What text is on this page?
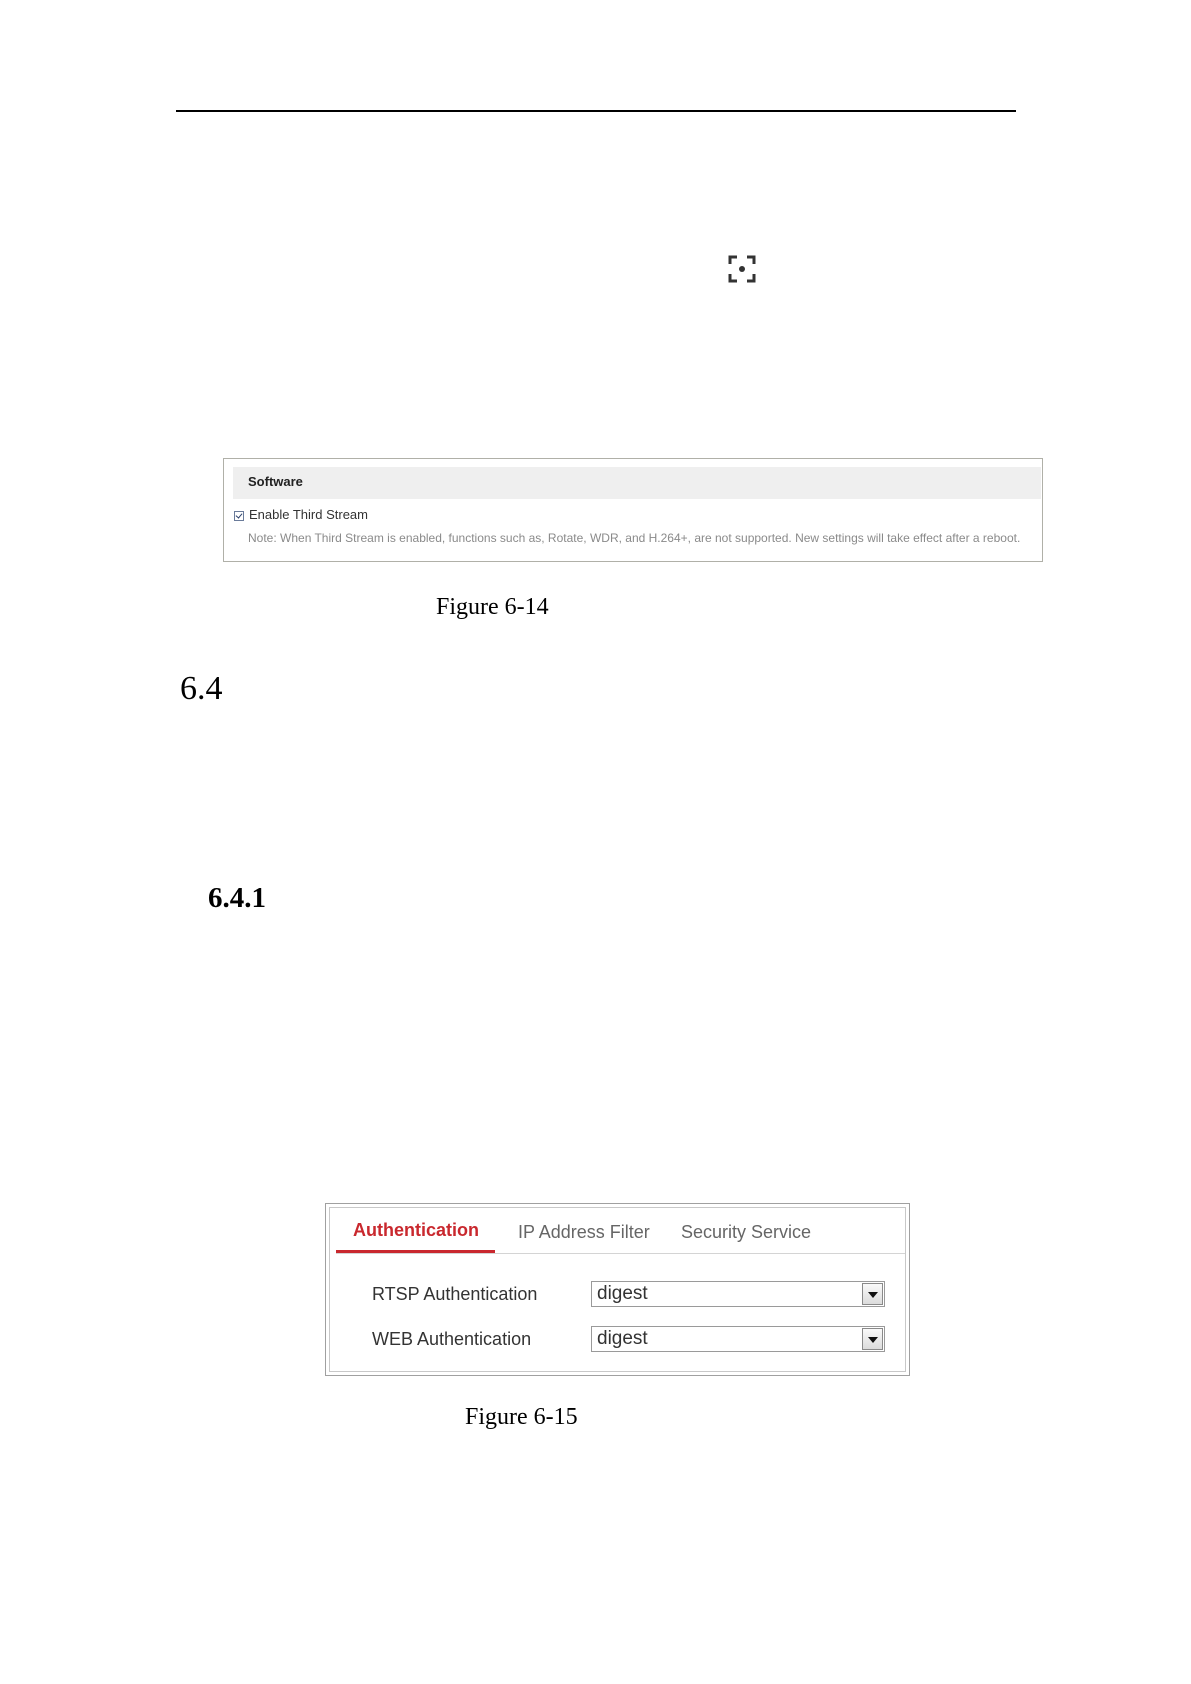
Software
Enable Third Stream
Note: When Third Stream is enabled, functions such as, Rotate, WDR, and H.264+, are not supported. New settings will take effect after a reboot.
Figure 6-14
6.4
6.4.1
Authentication IP Address Filter Security Service
RTSP Authentication	digest
WEB Authentication	digest
Figure 6-15
